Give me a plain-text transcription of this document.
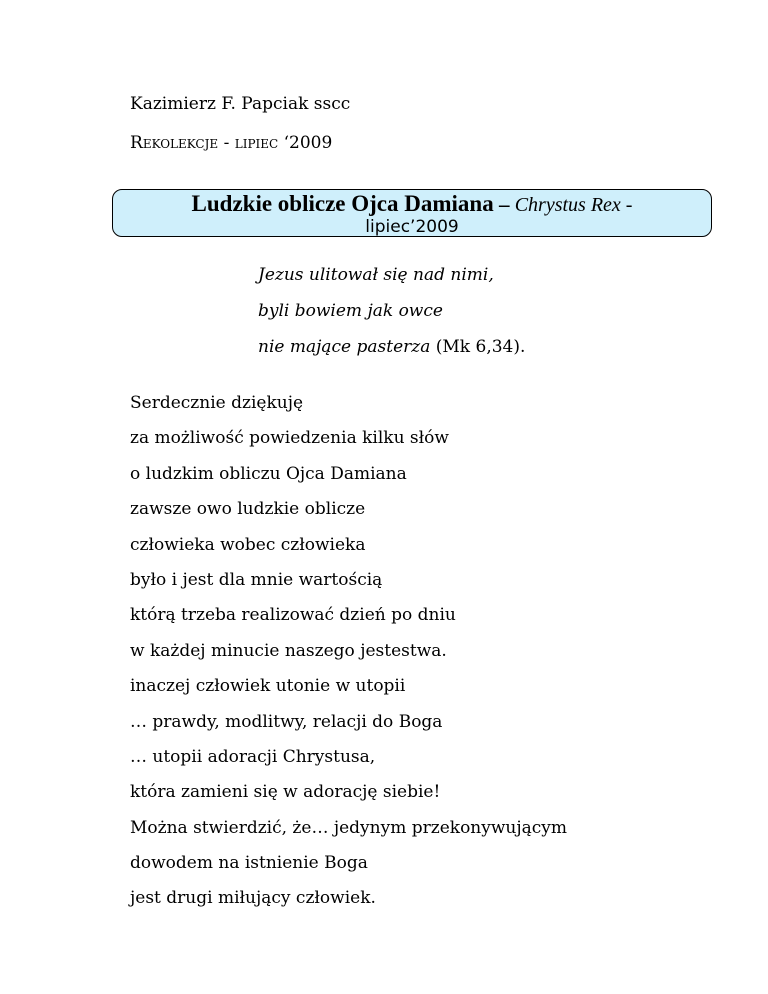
Kazimierz F. Papciak sscc
Rekolekcje - lipiec ‘2009
Ludzkie oblicze Ojca Damiana – Chrystus Rex -
lipiec’2009
Jezus ulitował się nad nimi,
byli bowiem jak owce
nie mające pasterza (Mk 6,34).
Serdecznie dziękuję
za możliwość powiedzenia kilku słów
o ludzkim obliczu Ojca Damiana
zawsze owo ludzkie oblicze
człowieka wobec człowieka
było i jest dla mnie wartością
którą trzeba realizować dzień po dniu
w każdej minucie naszego jestestwa.
inaczej człowiek utonie w utopii
… prawdy, modlitwy, relacji do Boga
… utopii adoracji Chrystusa,
która zamieni się w adorację siebie!
Można stwierdzić, że… jedynym przekonywującym
dowodem na istnienie Boga
jest drugi miłujący człowiek.
